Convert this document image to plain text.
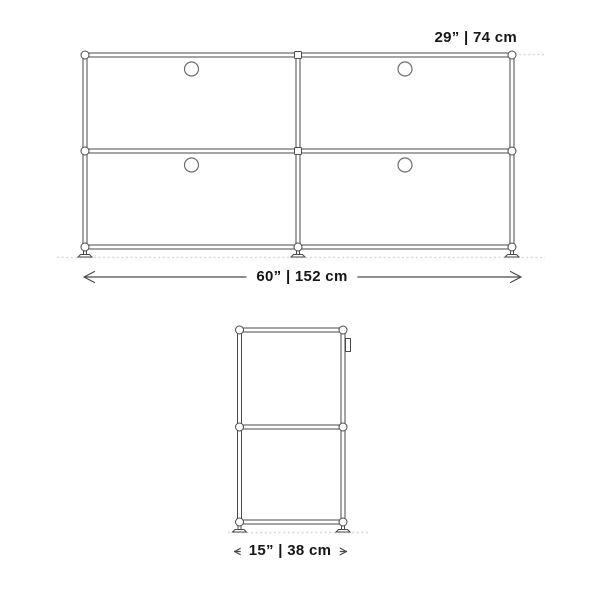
29” | 74 cm
60” | 152 cm
15” | 38 cm
